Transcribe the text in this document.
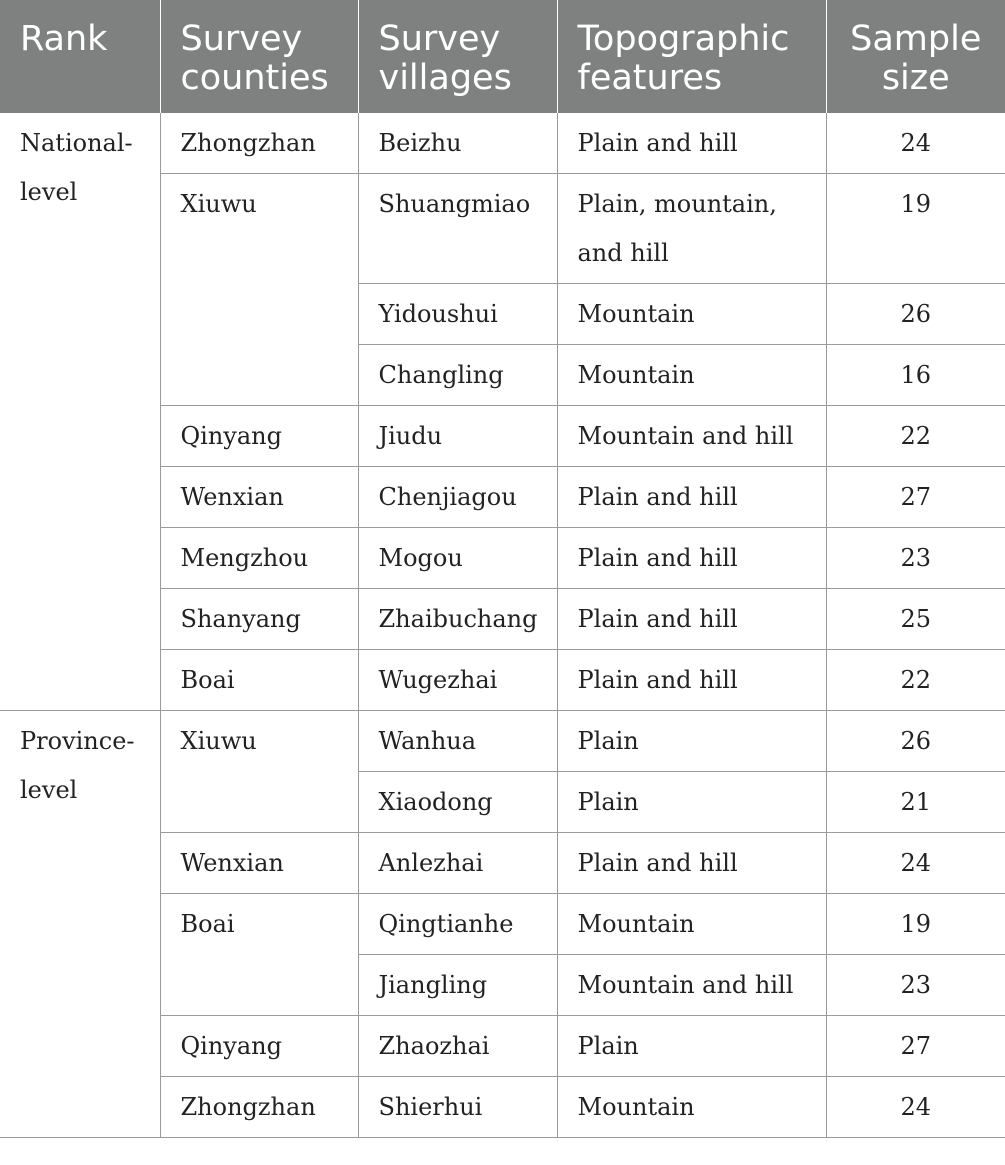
Rank	Survey counties	Survey villages	Topographic features	Sample size
National-level	Zhongzhan	Beizhu	Plain and hill	24
	Xiuwu	Shuangmiao	Plain, mountain, and hill	19
		Yidoushui	Mountain	26
		Changling	Mountain	16
	Qinyang	Jiudu	Mountain and hill	22
	Wenxian	Chenjiagou	Plain and hill	27
	Mengzhou	Mogou	Plain and hill	23
	Shanyang	Zhaibuchang	Plain and hill	25
	Boai	Wugezhai	Plain and hill	22
Province-level	Xiuwu	Wanhua	Plain	26
		Xiaodong	Plain	21
	Wenxian	Anlezhai	Plain and hill	24
	Boai	Qingtianhe	Mountain	19
		Jiangling	Mountain and hill	23
	Qinyang	Zhaozhai	Plain	27
	Zhongzhan	Shierhui	Mountain	24
